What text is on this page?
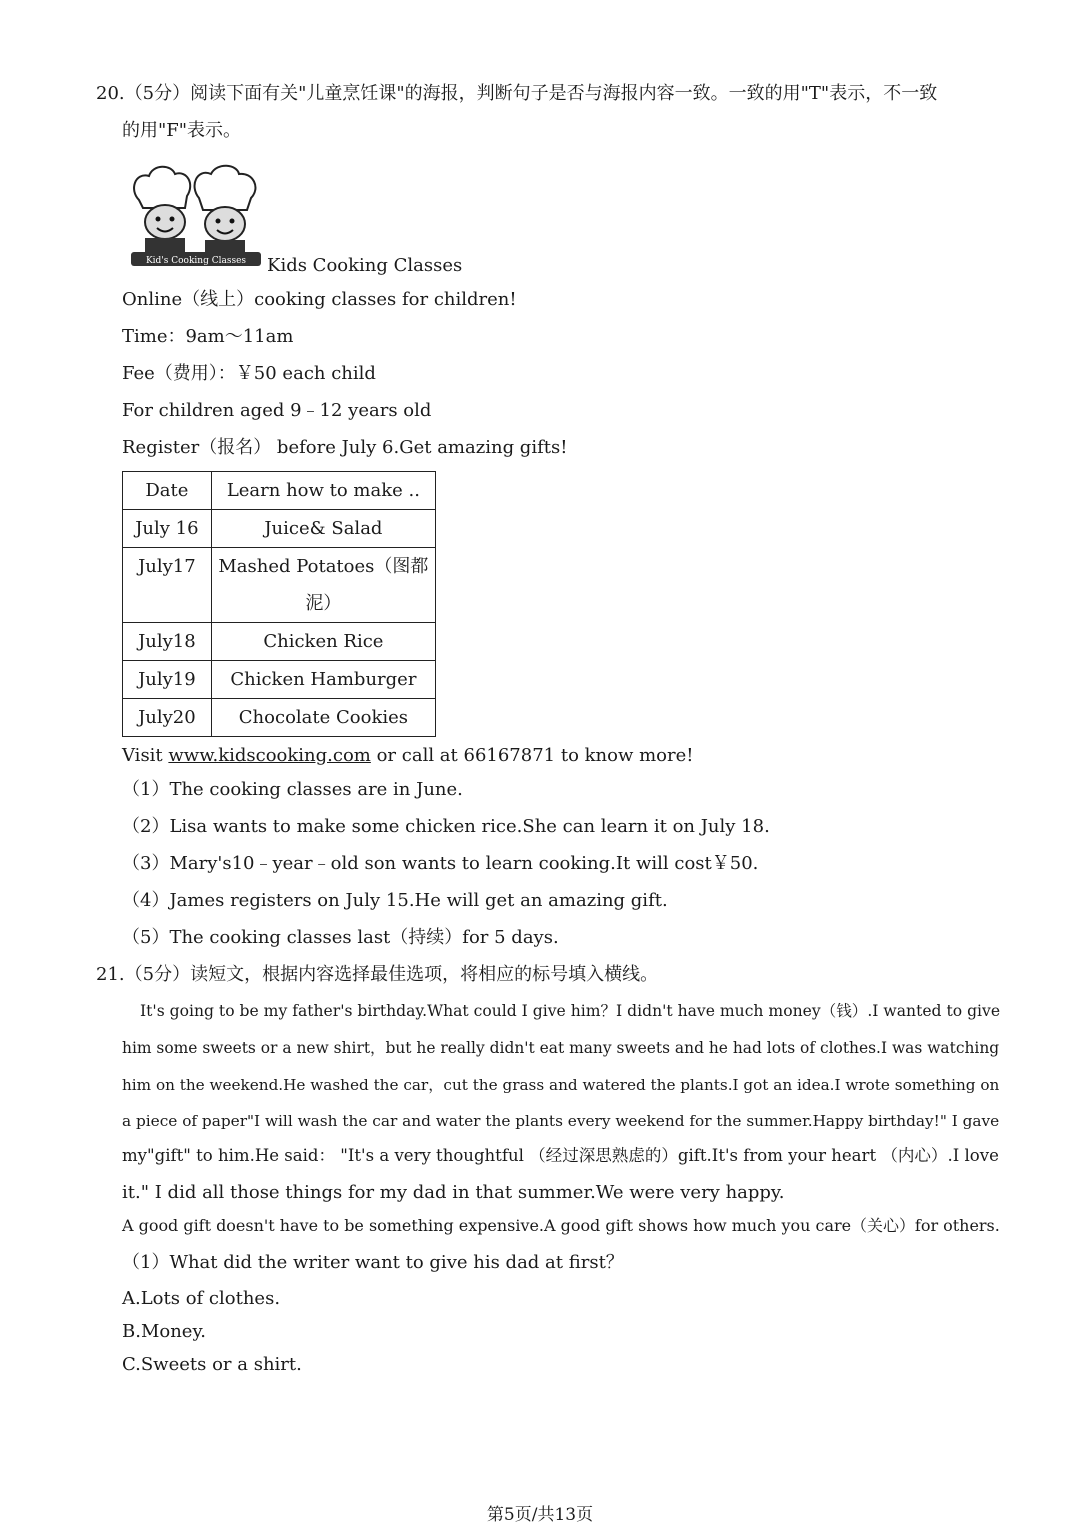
20.（5分）阅读下面有关"儿童烹饪课"的海报，判断句子是否与海报内容一致。一致的用"T"表示，不一致
的用"F"表示。
Kid's Cooking Classes Kids Cooking Classes
Online（线上）cooking classes for children!
Time：9am～11am
Fee（费用）：￥50 each child
For children aged 9﹣12 years old
Register（报名） before July 6.Get amazing gifts!
Date	Learn how to make ..
July 16	Juice& Salad
July17	Mashed Potatoes（图都
泥）
July18	Chicken Rice
July19	Chicken Hamburger
July20	Chocolate Cookies
Visit www.kidscooking.com or call at 66167871 to know more!
（1）The cooking classes are in June.
（2）Lisa wants to make some chicken rice.She can learn it on July 18.
（3）Mary's10﹣year﹣old son wants to learn cooking.It will cost￥50.
（4）James registers on July 15.He will get an amazing gift.
（5）The cooking classes last（持续）for 5 days.
21.（5分）读短文，根据内容选择最佳选项，将相应的标号填入横线。
It's going to be my father's birthday.What could I give him？I didn't have much money（钱）.I wanted to give
him some sweets or a new shirt，but he really didn't eat many sweets and he had lots of clothes.I was watching
him on the weekend.He washed the car，cut the grass and watered the plants.I got an idea.I wrote something on
a piece of paper"I will wash the car and water the plants every weekend for the summer.Happy birthday!" I gave
my"gift" to him.He said： "It's a very thoughtful （经过深思熟虑的）gift.It's from your heart （内心）.I love
it." I did all those things for my dad in that summer.We were very happy.
A good gift doesn't have to be something expensive.A good gift shows how much you care（关心）for others.
（1）What did the writer want to give his dad at first？
A.Lots of clothes.
B.Money.
C.Sweets or a shirt.
第5页/共13页
